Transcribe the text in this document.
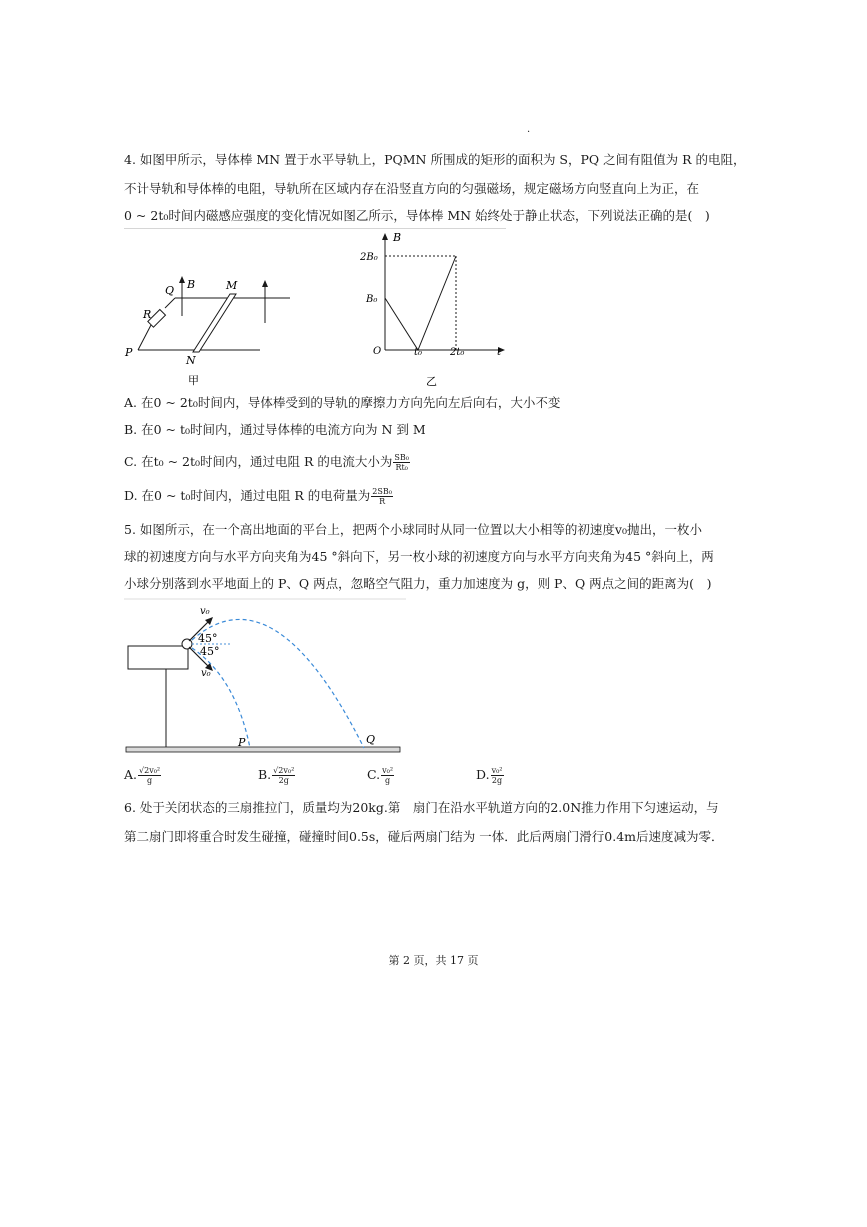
.
4. 如图甲所示，导体棒 MN 置于水平导轨上，PQMN 所围成的矩形的面积为 S，PQ 之间有阻值为 R 的电阻，
不计导轨和导体棒的电阻，导轨所在区域内存在沿竖直方向的匀强磁场，规定磁场方向竖直向上为正，在
0 ~ 2t₀时间内磁感应强度的变化情况如图乙所示，导体棒 MN 始终处于静止状态，下列说法正确的是(　)
B
Q	M
R
P
N
甲
B
2B₀
B₀
O	t₀	2t₀	t
乙
A. 在0 ~ 2t₀时间内，导体棒受到的导轨的摩擦力方向先向左后向右，大小不变
B. 在0 ~ t₀时间内，通过导体棒的电流方向为 N 到 M
C. 在t₀ ~ 2t₀时间内，通过电阻 R 的电流大小为 $\frac{\text{SB₀}}{\text{Rt₀}}$
D. 在0 ~ t₀时间内，通过电阻 R 的电荷量为 $\frac{\text{2SB₀}}{R}$
5. 如图所示，在一个高出地面的平台上，把两个小球同时从同一位置以大小相等的初速度v₀抛出，一枚小
球的初速度方向与水平方向夹角为45 °斜向下，另一枚小球的初速度方向与水平方向夹角为45 °斜向上，两
小球分别落到水平地面上的 P、Q 两点，忽略空气阻力，重力加速度为 g，则 P、Q 两点之间的距离为(　)
v₀
45°
45°
v₀
P	Q
A. $\frac{\text{√2v₀²}}{g}$	B. $\frac{\text{√2v₀²}}{2g}$	C. $\frac{\text{v₀²}}{g}$	D. $\frac{\text{v₀²}}{2g}$
6. 处于关闭状态的三扇推拉门，质量均为20kg.第　扇门在沿水平轨道方向的2.0N推力作用下匀速运动，与
第二扇门即将重合时发生碰撞，碰撞时间0.5s，碰后两扇门结为 一体．此后两扇门滑行0.4m后速度减为零．
第 2 页，共 17 页
